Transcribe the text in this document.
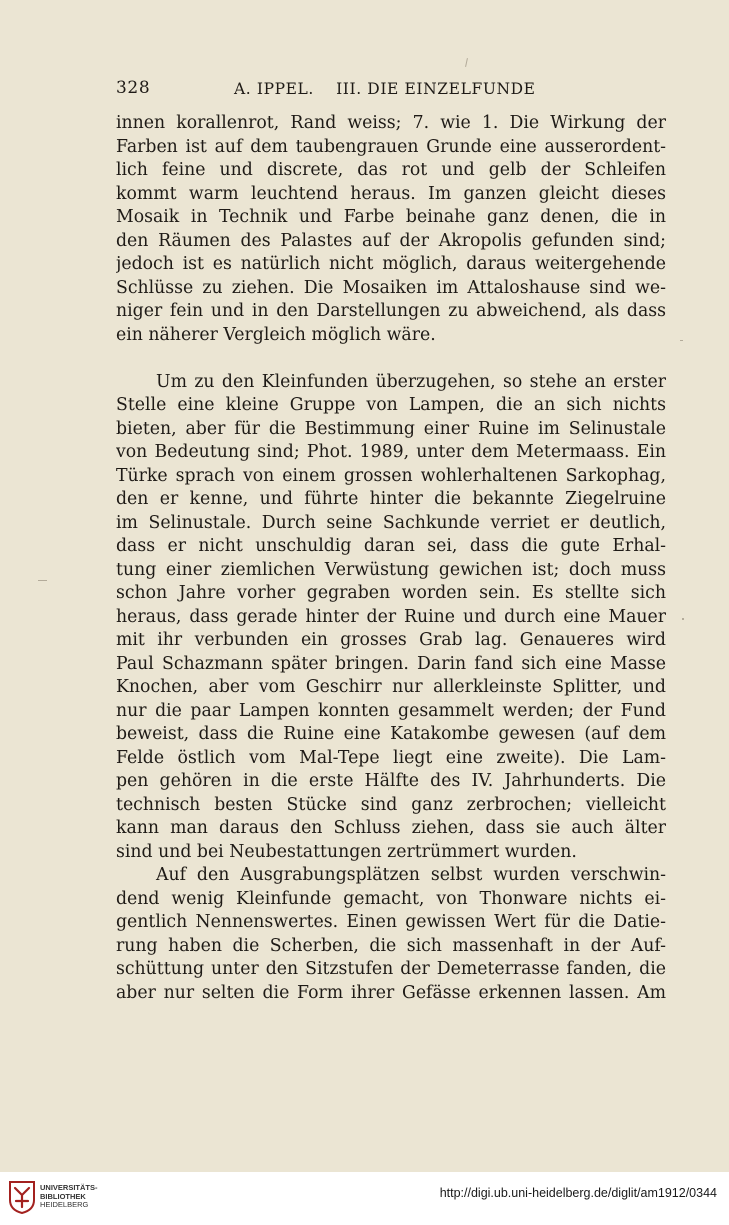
328	A. IPPEL.    III. DIE EINZELFUNDE
innen korallenrot, Rand weiss; 7. wie 1. Die Wirkung der
Farben ist auf dem taubengrauen Grunde eine ausserordent-
lich feine und discrete, das rot und gelb der Schleifen
kommt warm leuchtend heraus. Im ganzen gleicht dieses
Mosaik in Technik und Farbe beinahe ganz denen, die in
den Räumen des Palastes auf der Akropolis gefunden sind;
jedoch ist es natürlich nicht möglich, daraus weitergehende
Schlüsse zu ziehen. Die Mosaiken im Attaloshause sind we-
niger fein und in den Darstellungen zu abweichend, als dass
ein näherer Vergleich möglich wäre.
Um zu den Kleinfunden überzugehen, so stehe an erster
Stelle eine kleine Gruppe von Lampen, die an sich nichts
bieten, aber für die Bestimmung einer Ruine im Selinustale
von Bedeutung sind; Phot. 1989, unter dem Metermaass. Ein
Türke sprach von einem grossen wohlerhaltenen Sarkophag,
den er kenne, und führte hinter die bekannte Ziegelruine
im Selinustale. Durch seine Sachkunde verriet er deutlich,
dass er nicht unschuldig daran sei, dass die gute Erhal-
tung einer ziemlichen Verwüstung gewichen ist; doch muss
schon Jahre vorher gegraben worden sein. Es stellte sich
heraus, dass gerade hinter der Ruine und durch eine Mauer
mit ihr verbunden ein grosses Grab lag. Genaueres wird
Paul Schazmann später bringen. Darin fand sich eine Masse
Knochen, aber vom Geschirr nur allerkleinste Splitter, und
nur die paar Lampen konnten gesammelt werden; der Fund
beweist, dass die Ruine eine Katakombe gewesen (auf dem
Felde östlich vom Mal-Tepe liegt eine zweite). Die Lam-
pen gehören in die erste Hälfte des IV. Jahrhunderts. Die
technisch besten Stücke sind ganz zerbrochen; vielleicht
kann man daraus den Schluss ziehen, dass sie auch älter
sind und bei Neubestattungen zertrümmert wurden.
Auf den Ausgrabungsplätzen selbst wurden verschwin-
dend wenig Kleinfunde gemacht, von Thonware nichts ei-
gentlich Nennenswertes. Einen gewissen Wert für die Datie-
rung haben die Scherben, die sich massenhaft in der Auf-
schüttung unter den Sitzstufen der Demeterrasse fanden, die
aber nur selten die Form ihrer Gefässe erkennen lassen. Am
UNIVERSITÄTS-
BIBLIOTHEK
HEIDELBERG
http://digi.ub.uni-heidelberg.de/diglit/am1912/0344
